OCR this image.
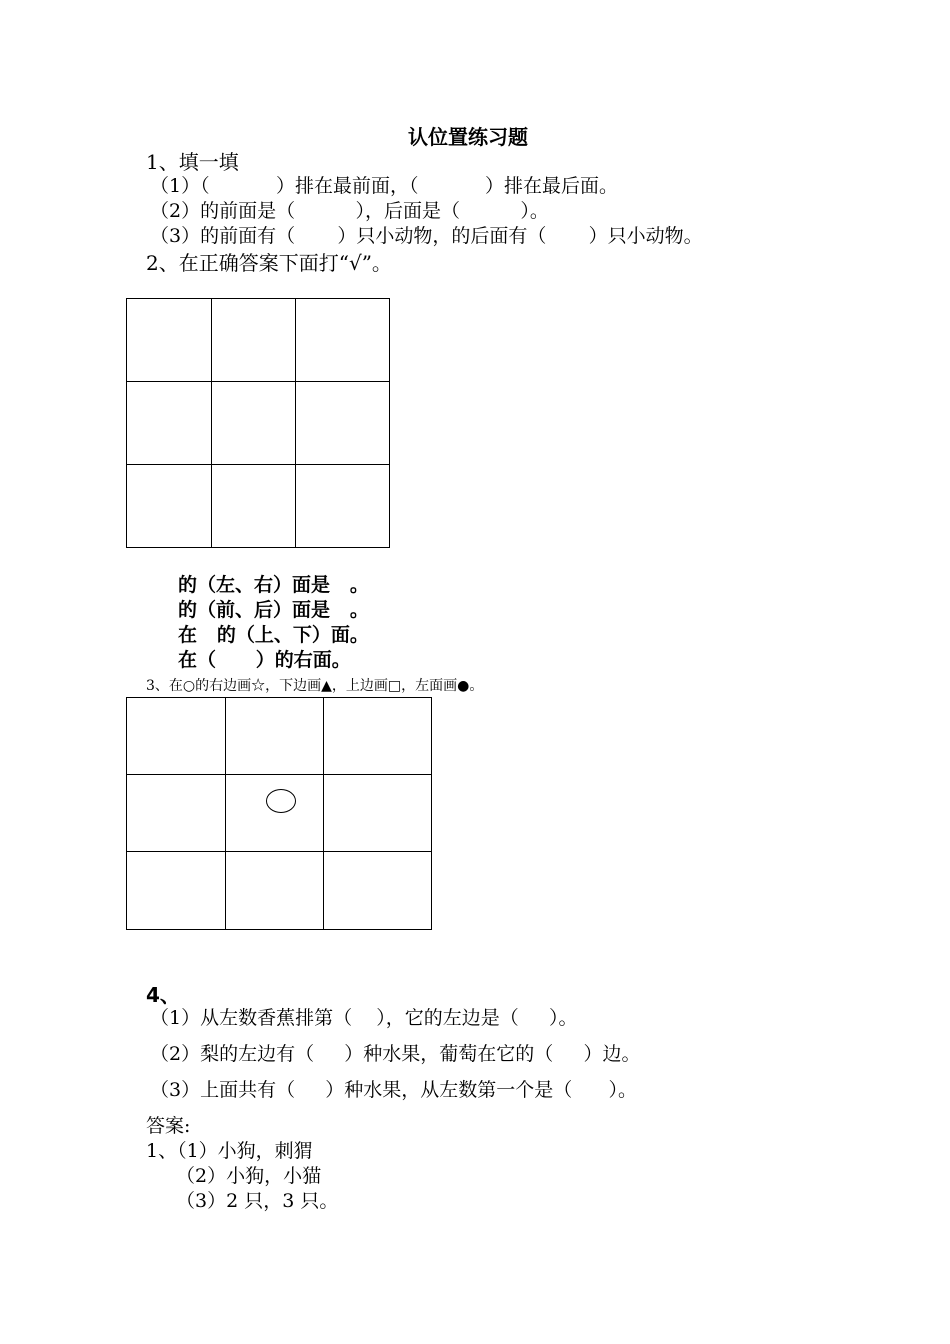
认位置练习题
1、填一填
（1）（           ）排在最前面，（           ）排在最后面。
（2）的前面是（          ），后面是（          ）。
（3）的前面有（       ）只小动物，的后面有（       ）只小动物。
2、在正确答案下面打“√”。

的（左、右）面是   。
的（前、后）面是   。
在   的（上、下）面。
在（      ）的右面。
3、在○的右边画☆，下边画▲，上边画□，左面画●。

4、
（1）从左数香蕉排第（    ），它的左边是（     ）。
（2）梨的左边有（     ）种水果，葡萄在它的（     ）边。
（3）上面共有（     ）种水果，从左数第一个是（      ）。
答案:
1、（1）小狗，刺猬
（2）小狗，小猫
（3）2 只，3 只。
